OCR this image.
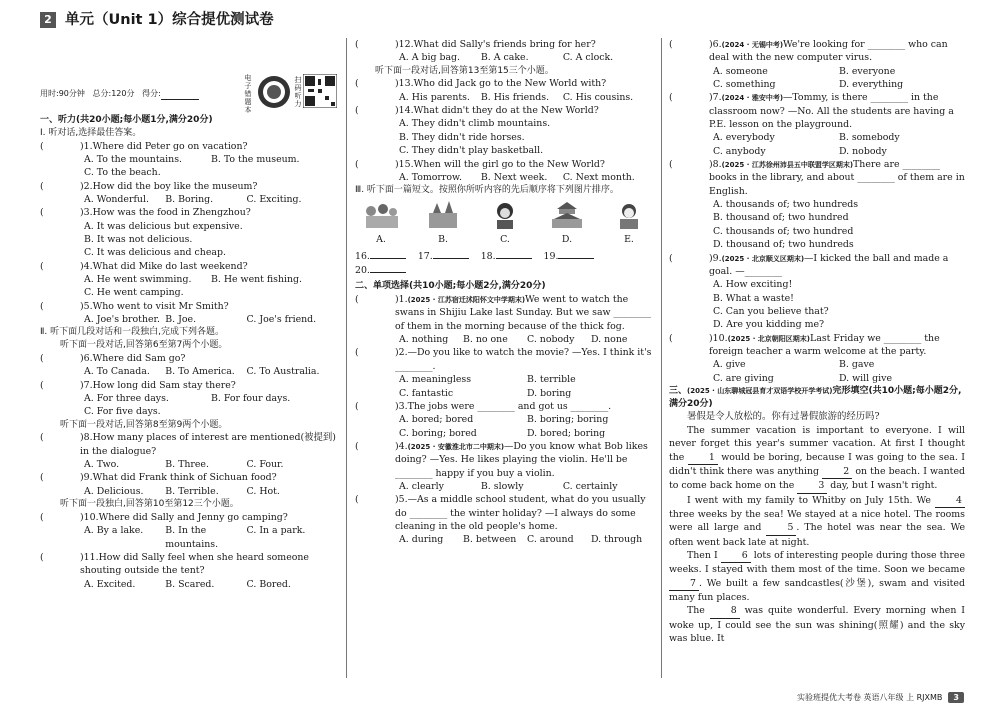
2 单元（Unit 1）综合提优测试卷
用时:90分钟 总分:120分 得分:
电子错题本
扫码听力
一、听力(共20小题;每小题1分,满分20分)
Ⅰ. 听对话,选择最佳答案。
(	)1.Where did Peter go on vacation?
A. To the mountains.	B. To the museum.
C. To the beach.
(	)2.How did the boy like the museum?
A. Wonderful.	B. Boring.	C. Exciting.
(	)3.How was the food in Zhengzhou?
A. It was delicious but expensive.
B. It was not delicious.
C. It was delicious and cheap.
(	)4.What did Mike do last weekend?
A. He went swimming.	B. He went fishing.
C. He went camping.
(	)5.Who went to visit Mr Smith?
A. Joe's brother. B. Joe.	C. Joe's friend.
Ⅱ. 听下面几段对话和一段独白,完成下列各题。
听下面一段对话,回答第6至第7两个小题。
(	)6.Where did Sam go?
A. To Canada.	B. To America.	C. To Australia.
(	)7.How long did Sam stay there?
A. For three days.	B. For four days.
C. For five days.
听下面一段对话,回答第8至第9两个小题。
(	)8.How many places of interest are mentioned(被提到) in the dialogue?
A. Two.	B. Three.	C. Four.
(	)9.What did Frank think of Sichuan food?
A. Delicious.	B. Terrible.	C. Hot.
听下面一段独白,回答第10至第12三个小题。
(	)10.Where did Sally and Jenny go camping?
A. By a lake.	B. In the mountains.
C. In a park.
(	)11.How did Sally feel when she heard someone shouting outside the tent?
A. Excited.	B. Scared.	C. Bored.
(	)12.What did Sally's friends bring for her?
A. A big bag.	B. A cake.	C. A clock.
听下面一段对话,回答第13至第15三个小题。
(	)13.Who did Jack go to the New World with?
A. His parents.	B. His friends.	C. His cousins.
(	)14.What didn't they do at the New World?
A. They didn't climb mountains.
B. They didn't ride horses.
C. They didn't play basketball.
(	)15.When will the girl go to the New World?
A. Tomorrow.	B. Next week.	C. Next month.
Ⅲ. 听下面一篇短文。按照你所听内容的先后顺序将下列图片排序。
A.	B.	C.	D.	E.
16.	17.	18.	19.
20.
二、单项选择(共10小题;每小题2分,满分20分)
(	)1.(2025 · 江苏宿迁沭阳怀文中学期末)We went to watch the swans in Shijiu Lake last Sunday. But we saw ________ of them in the morning because of the thick fog.
A. nothing	B. no one	C. nobody	D. none
(	)2.—Do you like to watch the movie? —Yes. I think it's ________.
A. meaningless	B. terrible
C. fantastic	D. boring
(	)3.The jobs were ________ and got us ________.
A. bored; bored	B. boring; boring
C. boring; bored	D. bored; boring
(	)4.(2025 · 安徽淮北市二中期末)—Do you know what Bob likes doing? —Yes. He likes playing the violin. He'll be ________ happy if you buy a violin.
A. clearly	B. slowly	C. certainly
(	)5.—As a middle school student, what do you usually do ________ the winter holiday? —I always do some cleaning in the old people's home.
A. during	B. between	C. around	D. through
(	)6.(2024 · 无锡中考)We're looking for ________ who can deal with the new computer virus.
A. someone	B. everyone
C. something	D. everything
(	)7.(2024 · 雅安中考)—Tommy, is there ________ in the classroom now? —No. All the students are having a P.E. lesson on the playground.
A. everybody	B. somebody
C. anybody	D. nobody
(	)8.(2025 · 江苏徐州沛县五中联盟学区期末)There are ________ books in the library, and about ________ of them are in English.
A. thousands of; two hundreds
B. thousand of; two hundred
C. thousands of; two hundred
D. thousand of; two hundreds
(	)9.(2025 · 北京顺义区期末)—I kicked the ball and made a goal. —________
A. How exciting!
B. What a waste!
C. Can you believe that?
D. Are you kidding me?
(	)10.(2025 · 北京朝阳区期末)Last Friday we ________ the foreign teacher a warm welcome at the party.
A. give	B. gave
C. are giving	D. will give
三、(2025 · 山东聊城冠县育才双语学校开学考试)完形填空(共10小题;每小题2分,满分20分)
暑假是令人放松的。你有过暑假旅游的经历吗?
The summer vacation is important to everyone. I will never forget this year's summer vacation. At first I thought the 1 would be boring, because I was going to the sea. I didn't think there was anything 2 on the beach. I wanted to come back home on the 3 day, but I wasn't right.
I went with my family to Whitby on July 15th. We 4 three weeks by the sea! We stayed at a nice hotel. The rooms were all large and 5 . The hotel was near the sea. We often went back late at night.
Then I 6 lots of interesting people during those three weeks. I stayed with them most of the time. Soon we became 7 . We built a few sandcastles(沙堡), swam and visited many fun places.
The 8 was quite wonderful. Every morning when I woke up, I could see the sun was shining(照耀) and the sky was blue. It
实验班提优大考卷 英语八年级 上 RJXMB	3
